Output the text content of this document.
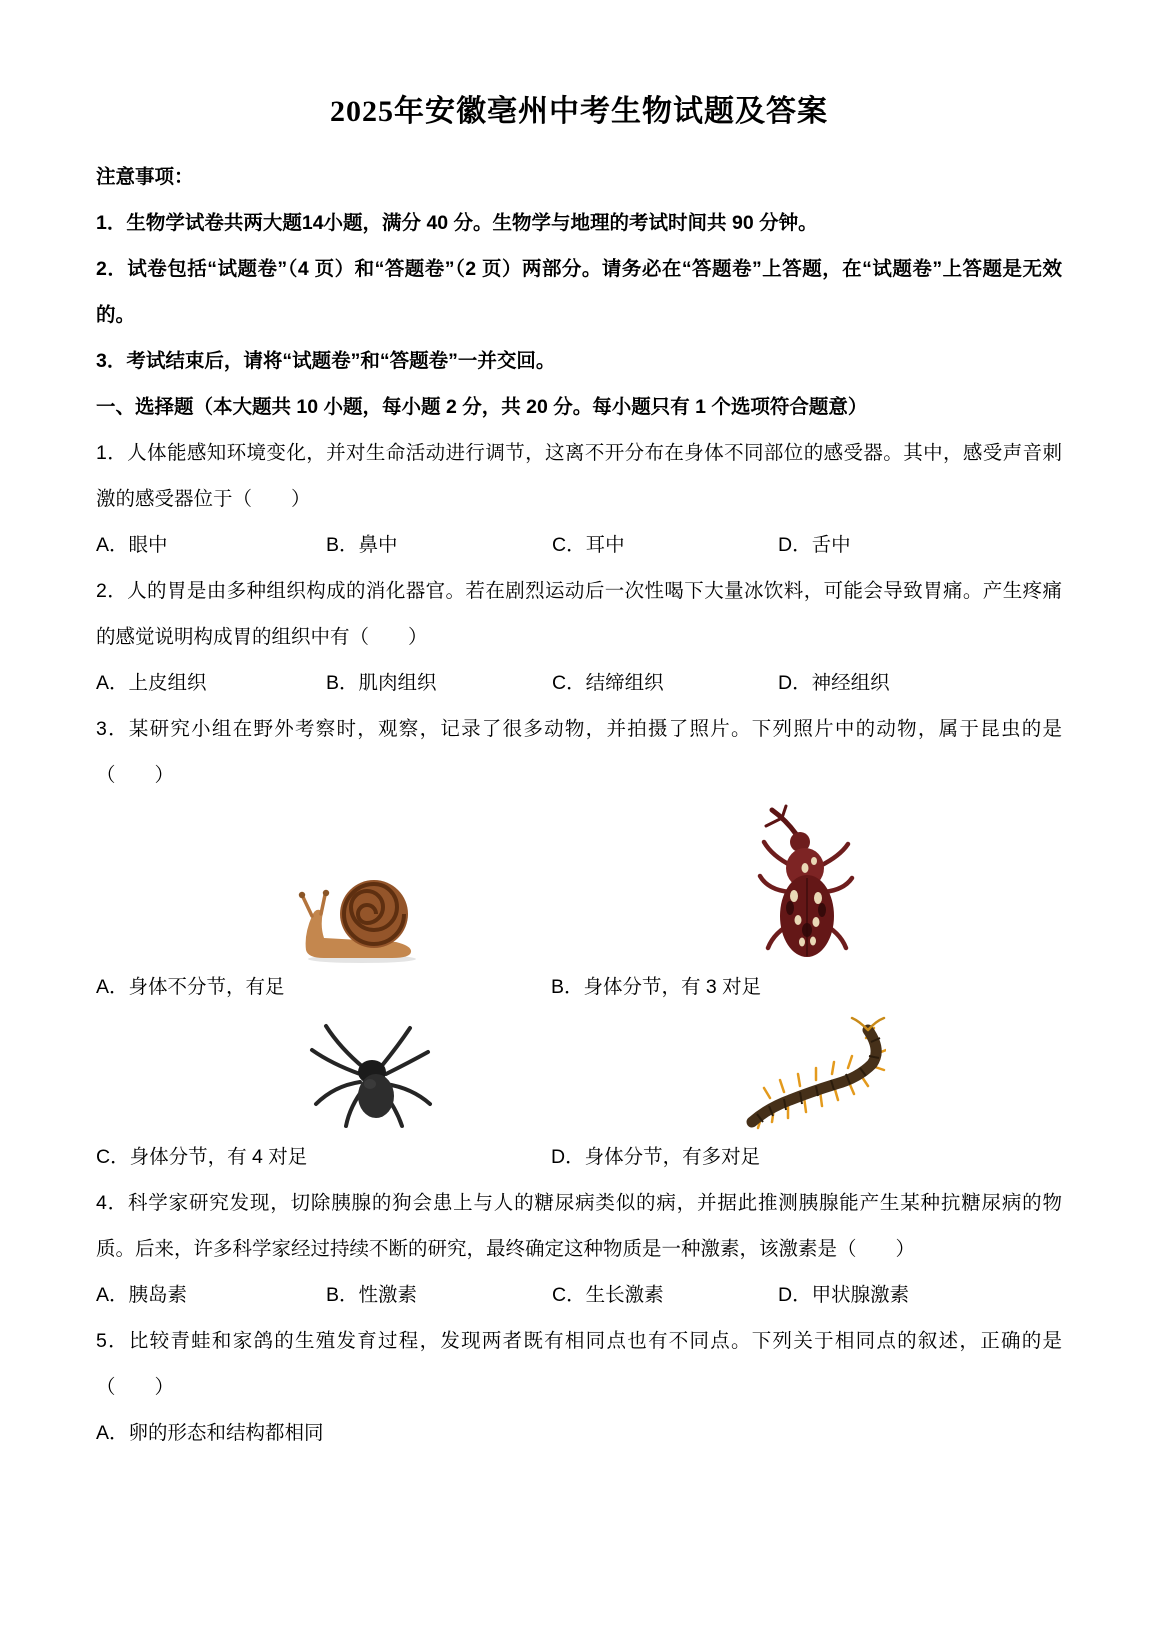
2025年安徽亳州中考生物试题及答案

注意事项：

1．生物学试卷共两大题14小题，满分 40 分。生物学与地理的考试时间共 90 分钟。

2．试卷包括“试题卷”（4 页）和“答题卷”（2 页）两部分。请务必在“答题卷”上答题，在“试题卷”上答题是无效的。

3．考试结束后，请将“试题卷”和“答题卷”一并交回。

一、选择题（本大题共 10 小题，每小题 2 分，共 20 分。每小题只有 1 个选项符合题意）

1．人体能感知环境变化，并对生命活动进行调节，这离不开分布在身体不同部位的感受器。其中，感受声音刺激的感受器位于（　　）

A．眼中	B．鼻中	C．耳中	D．舌中

2．人的胃是由多种组织构成的消化器官。若在剧烈运动后一次性喝下大量冰饮料，可能会导致胃痛。产生疼痛的感觉说明构成胃的组织中有（　　）

A．上皮组织	B．肌肉组织	C．结缔组织	D．神经组织

3．某研究小组在野外考察时，观察，记录了很多动物，并拍摄了照片。下列照片中的动物，属于昆虫的是（　　）

A．身体不分节，有足	B．身体分节，有 3 对足
C．身体分节，有 4 对足	D．身体分节，有多对足

4．科学家研究发现，切除胰腺的狗会患上与人的糖尿病类似的病，并据此推测胰腺能产生某种抗糖尿病的物质。后来，许多科学家经过持续不断的研究，最终确定这种物质是一种激素，该激素是（　　）

A．胰岛素	B．性激素	C．生长激素	D．甲状腺激素

5．比较青蛙和家鸽的生殖发育过程，发现两者既有相同点也有不同点。下列关于相同点的叙述，正确的是（　　）

A．卵的形态和结构都相同
